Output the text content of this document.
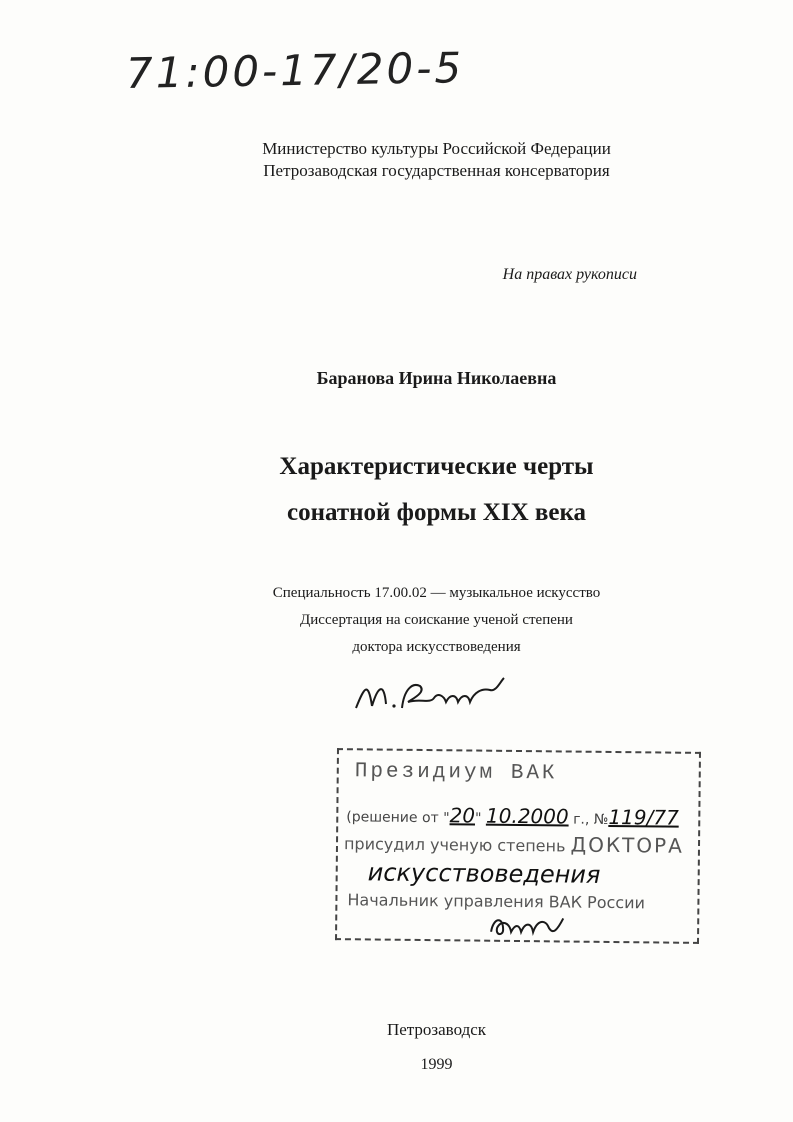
71:00-17/20-5
Министерство культуры Российской Федерации
Петрозаводская государственная консерватория
На правах рукописи
Баранова Ирина Николаевна
Характеристические черты
сонатной формы XIX века
Специальность 17.00.02 — музыкальное искусство
Диссертация на соискание ученой степени
доктора искусствоведения
Президиум ВАК
(решение от "20" 10.2000 г., №119/77
присудил ученую степень ДОКТОРА
искусствоведения
Начальник управления ВАК России
Петрозаводск
1999
